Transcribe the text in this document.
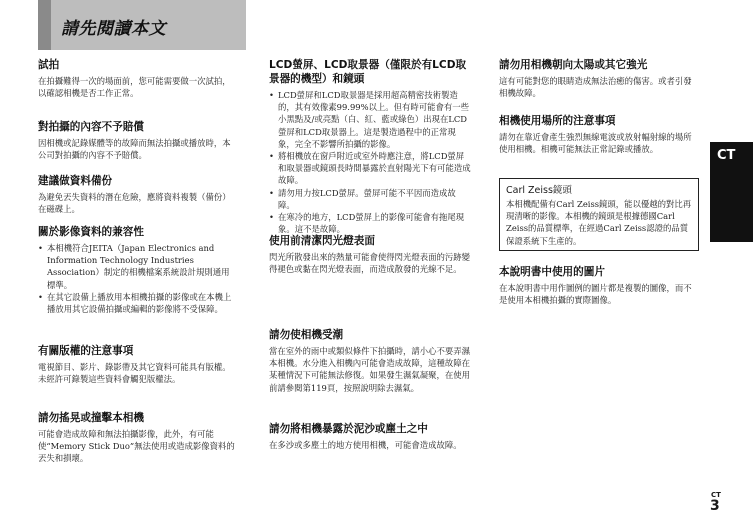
請先閱讀本文
試拍
在拍攝難得一次的場面前，您可能需要做一次試拍，以確認相機是否工作正常。
對拍攝的內容不予賠償
因相機或記錄媒體等的故障而無法拍攝或播放時，本公司對拍攝的內容不予賠償。
建議做資料備份
為避免丟失資料的潛在危險，應將資料複製（備份）在磁碟上。
關於影像資料的兼容性
• 本相機符合JEITA（Japan Electronics and Information Technology Industries Association）制定的相機檔案系統設計規則通用標準。
• 在其它設備上播放用本相機拍攝的影像或在本機上播放用其它設備拍攝或編輯的影像將不受保障。
有關版權的注意事項
電視節目、影片、錄影帶及其它資料可能具有版權。未經許可錄製這些資料會觸犯版權法。
請勿搖晃或撞擊本相機
可能會造成故障和無法拍攝影像，此外，有可能使“Memory Stick Duo”無法使用或造成影像資料的丟失和損壞。
LCD螢屏、LCD取景器（僅限於有LCD取景器的機型）和鏡頭
• LCD螢屏和LCD取景器是採用超高精密技術製造的，其有效像素99.99%以上。但有時可能會有一些小黑點及/或亮點（白、紅、藍或綠色）出現在LCD螢屏和LCD取景器上。這是製造過程中的正常現象，完全不影響所拍攝的影像。
• 將相機放在窗戶附近或室外時應注意，將LCD螢屏和取景器或鏡頭長時間暴露於直射陽光下有可能造成故障。
• 請勿用力按LCD螢屏。螢屏可能不平因而造成故障。
• 在寒冷的地方，LCD螢屏上的影像可能會有拖尾現象。這不是故障。
使用前清潔閃光燈表面
閃光所散發出來的熱量可能會使得閃光燈表面的污跡變得褪色或黏在閃光燈表面，而造成散發的光線不足。
請勿使相機受潮
當在室外的雨中或類似條件下拍攝時，請小心不要弄濕本相機。水分進入相機內可能會造成故障，這種故障在某種情況下可能無法修復。如果發生濕氣凝聚，在使用前請參閱第119頁，按照說明除去濕氣。
請勿將相機暴露於泥沙或塵土之中
在多沙或多塵土的地方使用相機，可能會造成故障。
請勿用相機朝向太陽或其它強光
這有可能對您的眼睛造成無法治癒的傷害。或者引發相機故障。
相機使用場所的注意事項
請勿在靠近會產生強烈無線電波或放射幅射線的場所使用相機。相機可能無法正常記錄或播放。
Carl Zeiss鏡頭
本相機配備有Carl Zeiss鏡頭，能以優越的對比再現清晰的影像。本相機的鏡頭是根據德國Carl Zeiss的品質標準，在經過Carl Zeiss認證的品質保證系統下生產的。
本說明書中使用的圖片
在本說明書中用作圖例的圖片都是複製的圖像，而不是使用本相機拍攝的實際圖像。
CT
CT
3
